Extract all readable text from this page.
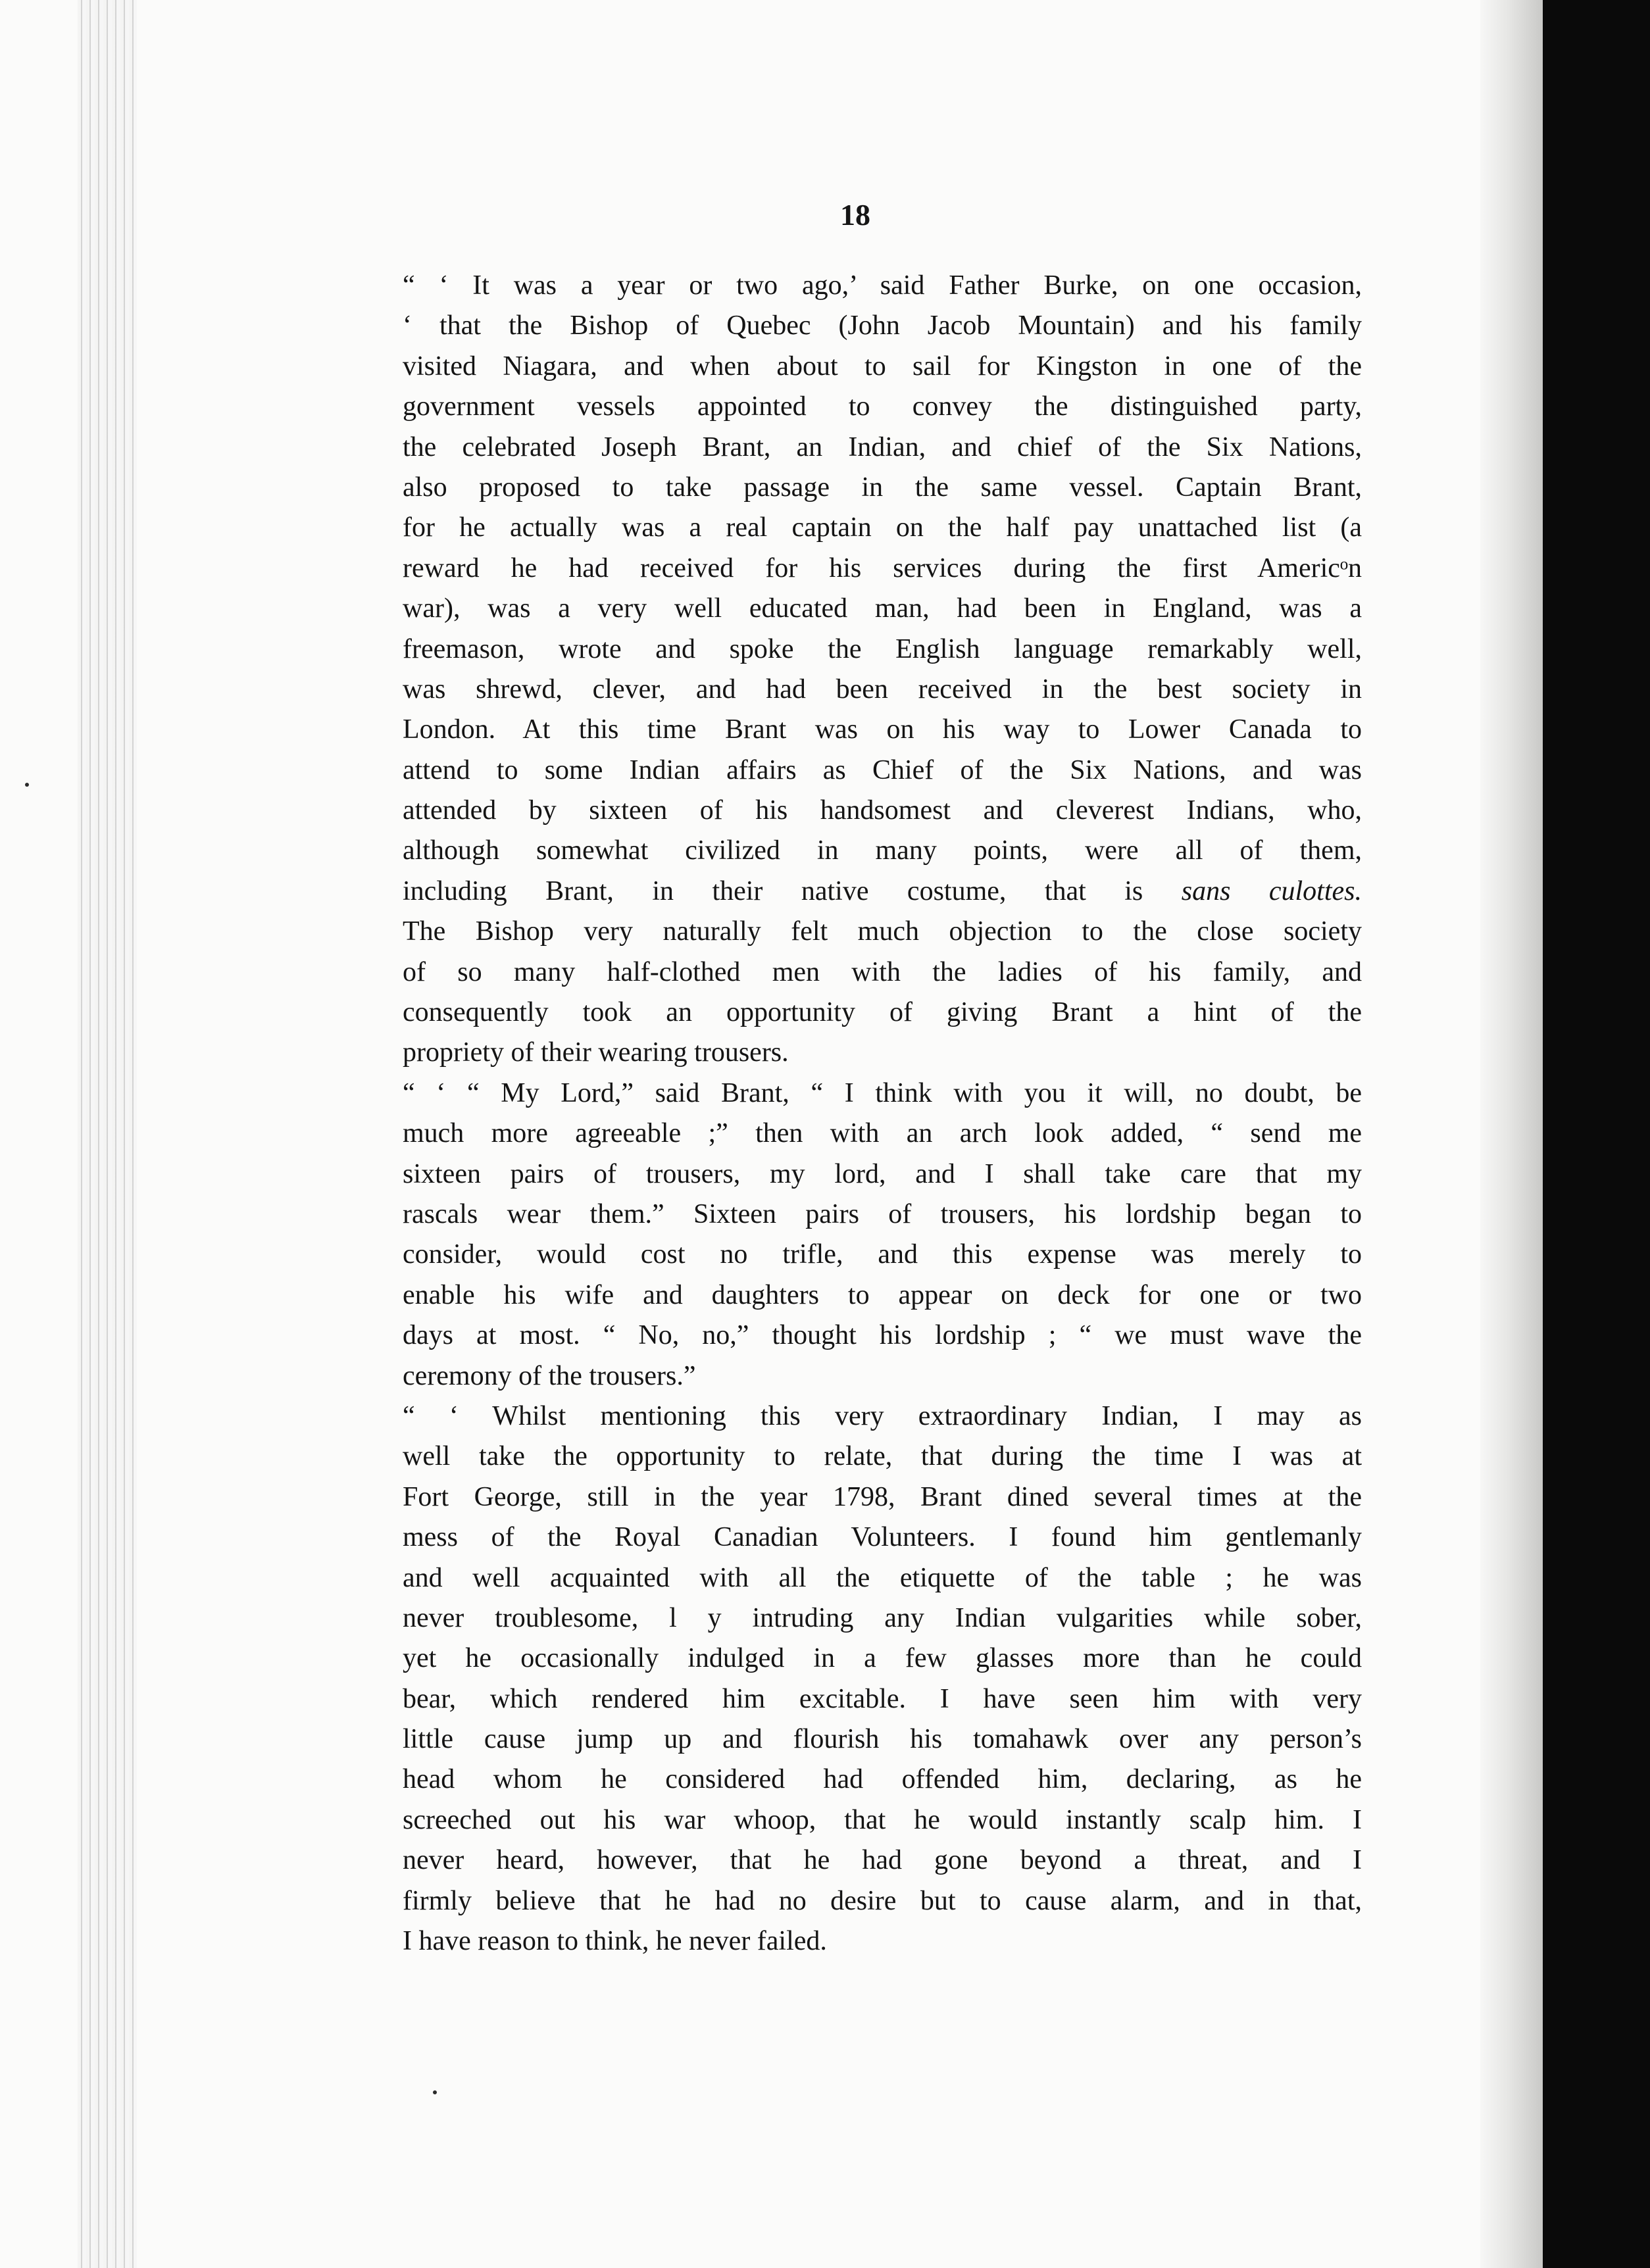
18
“ ‘ It was a year or two ago,’ said Father Burke, on one occasion,
‘ that the Bishop of Quebec (John Jacob Mountain) and his family
visited Niagara, and when about to sail for Kingston in one of the
government vessels appointed to convey the distinguished party,
the celebrated Joseph Brant, an Indian, and chief of the Six Nations,
also proposed to take passage in the same vessel. Captain Brant,
for he actually was a real captain on the half pay unattached list (a
reward he had received for his services during the first Americᵒn
war), was a very well educated man, had been in England, was a
freemason, wrote and spoke the English language remarkably well,
was shrewd, clever, and had been received in the best society in
London. At this time Brant was on his way to Lower Canada to
attend to some Indian affairs as Chief of the Six Nations, and was
attended by sixteen of his handsomest and cleverest Indians, who,
although somewhat civilized in many points, were all of them,
including Brant, in their native costume, that is sans culottes.
The Bishop very naturally felt much objection to the close society
of so many half-clothed men with the ladies of his family, and
consequently took an opportunity of giving Brant a hint of the
propriety of their wearing trousers.
“ ‘ “ My Lord,” said Brant, “ I think with you it will, no doubt, be
much more agreeable ;” then with an arch look added, “ send me
sixteen pairs of trousers, my lord, and I shall take care that my
rascals wear them.” Sixteen pairs of trousers, his lordship began to
consider, would cost no trifle, and this expense was merely to
enable his wife and daughters to appear on deck for one or two
days at most. “ No, no,” thought his lordship ; “ we must wave the
ceremony of the trousers.”
“ ‘ Whilst mentioning this very extraordinary Indian, I may as
well take the opportunity to relate, that during the time I was at
Fort George, still in the year 1798, Brant dined several times at the
mess of the Royal Canadian Volunteers. I found him gentlemanly
and well acquainted with all the etiquette of the table ; he was
never troublesome, l y intruding any Indian vulgarities while sober,
yet he occasionally indulged in a few glasses more than he could
bear, which rendered him excitable. I have seen him with very
little cause jump up and flourish his tomahawk over any person’s
head whom he considered had offended him, declaring, as he
screeched out his war whoop, that he would instantly scalp him. I
never heard, however, that he had gone beyond a threat, and I
firmly believe that he had no desire but to cause alarm, and in that,
I have reason to think, he never failed.
